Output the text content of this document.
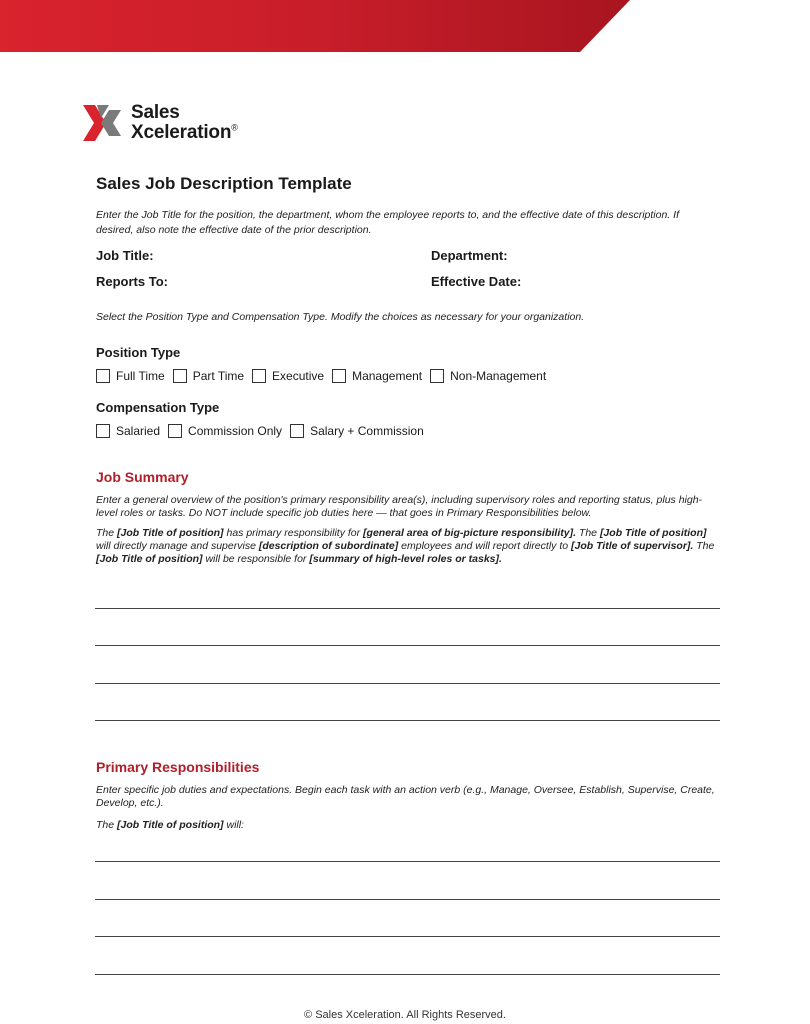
Sales
Xceleration®
Sales Job Description Template

Enter the Job Title for the position, the department, whom the employee reports to, and the effective date of this description. If desired, also note the effective date of the prior description.

Job Title:	Department:
Reports To:	Effective Date:

Select the Position Type and Compensation Type. Modify the choices as necessary for your organization.

Position Type

Full Time Part Time Executive Management Non-Management

Compensation Type

Salaried Commission Only Salary + Commission

Job Summary

Enter a general overview of the position's primary responsibility area(s), including supervisory roles and reporting status, plus high-level roles or tasks. Do NOT include specific job duties here — that goes in Primary Responsibilities below.

The [Job Title of position] has primary responsibility for [general area of big-picture responsibility]. The [Job Title of position] will directly manage and supervise [description of subordinate] employees and will report directly to [Job Title of supervisor]. The [Job Title of position] will be responsible for [summary of high-level roles or tasks].

Primary Responsibilities

Enter specific job duties and expectations. Begin each task with an action verb (e.g., Manage, Oversee, Establish, Supervise, Create, Develop, etc.).

The [Job Title of position] will:

© Sales Xceleration. All Rights Reserved.
